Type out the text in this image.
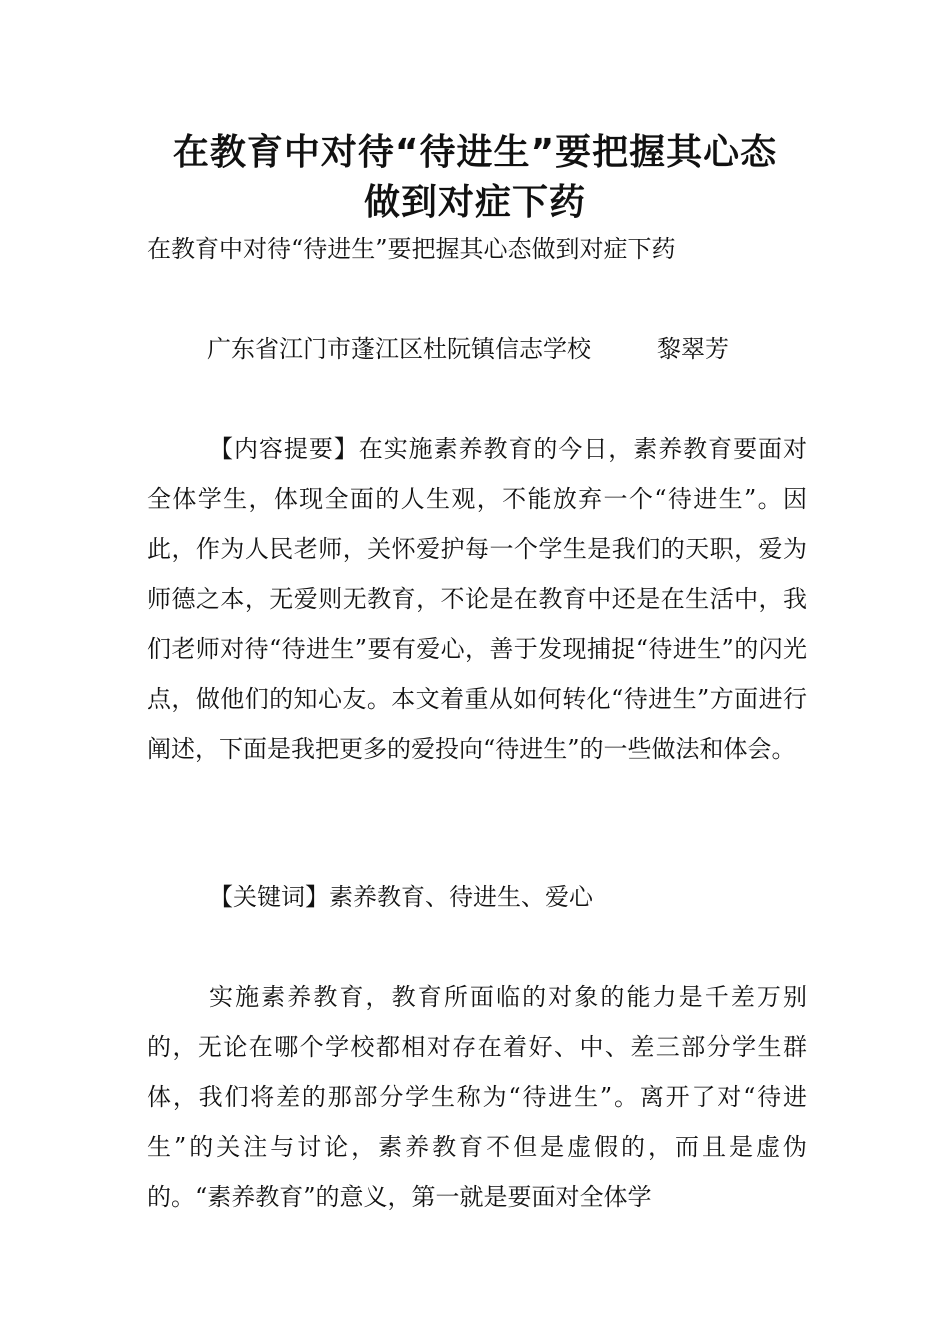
在教育中对待“待进生”要把握其心态
做到对症下药

在教育中对待“待进生”要把握其心态做到对症下药

广东省江门市蓬江区杜阮镇信志学校	黎翠芳

【内容提要】在实施素养教育的今日，素养教育要面对全体学生，体现全面的人生观，不能放弃一个“待进生”。因此，作为人民老师，关怀爱护每一个学生是我们的天职，爱为师德之本，无爱则无教育，不论是在教育中还是在生活中，我们老师对待“待进生”要有爱心，善于发现捕捉“待进生”的闪光点，做他们的知心友。本文着重从如何转化“待进生”方面进行阐述，下面是我把更多的爱投向“待进生”的一些做法和体会。

【关键词】素养教育、待进生、爱心

实施素养教育，教育所面临的对象的能力是千差万别的，无论在哪个学校都相对存在着好、中、差三部分学生群体，我们将差的那部分学生称为“待进生”。离开了对“待进生”的关注与讨论，素养教育不但是虚假的，而且是虚伪的。“素养教育”的意义，第一就是要面对全体学
